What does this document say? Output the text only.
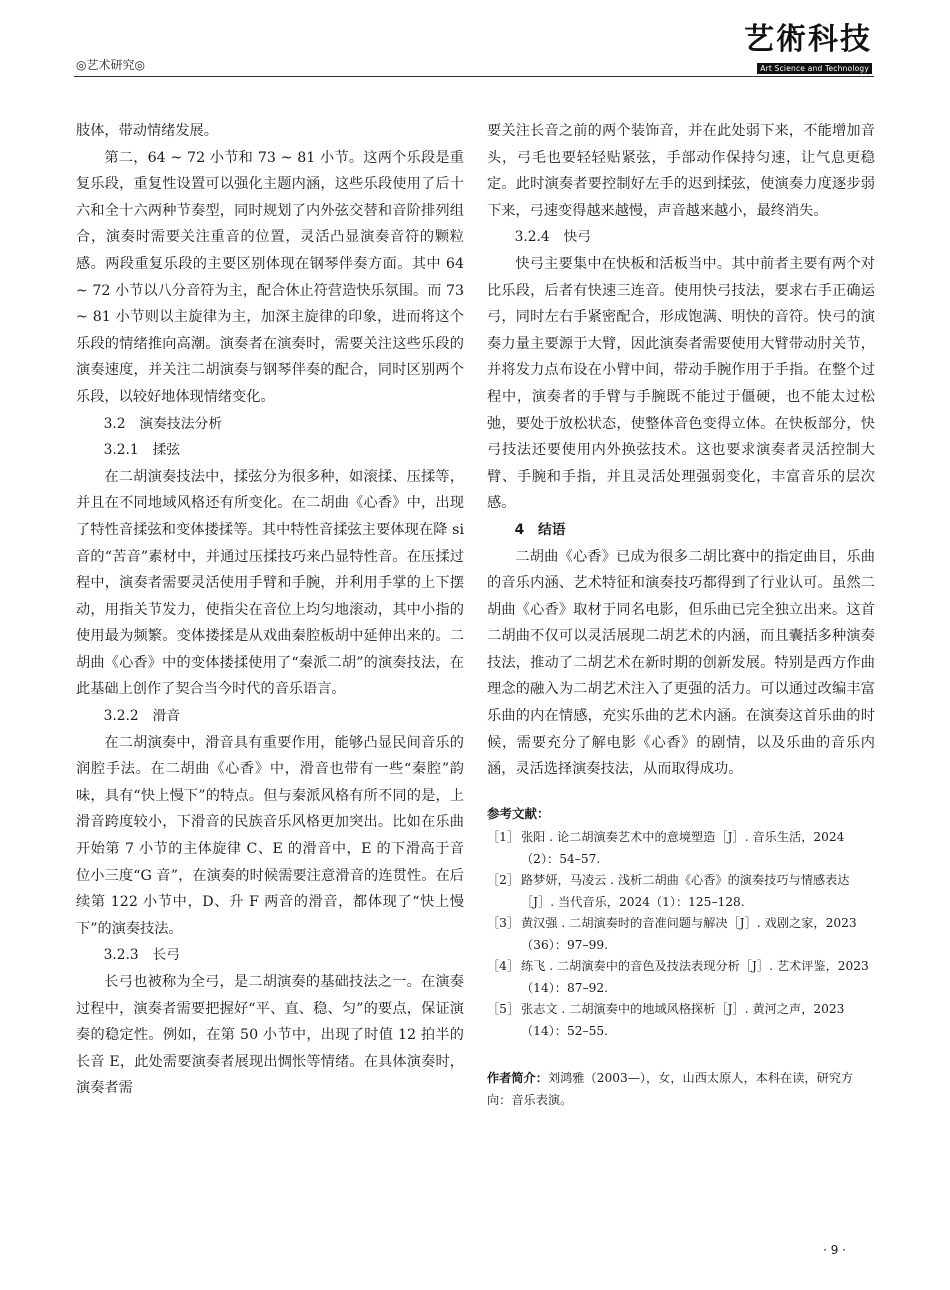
◎艺术研究◎
艺術科技
Art Science and Technology

肢体，带动情绪发展。

第二，64 ~ 72 小节和 73 ~ 81 小节。这两个乐段是重复乐段，重复性设置可以强化主题内涵，这些乐段使用了后十六和全十六两种节奏型，同时规划了内外弦交替和音阶排列组合，演奏时需要关注重音的位置，灵活凸显演奏音符的颗粒感。两段重复乐段的主要区别体现在钢琴伴奏方面。其中 64 ~ 72 小节以八分音符为主，配合休止符营造快乐氛围。而 73 ~ 81 小节则以主旋律为主，加深主旋律的印象，进而将这个乐段的情绪推向高潮。演奏者在演奏时，需要关注这些乐段的演奏速度，并关注二胡演奏与钢琴伴奏的配合，同时区别两个乐段，以较好地体现情绪变化。

3.2　演奏技法分析

3.2.1　揉弦

在二胡演奏技法中，揉弦分为很多种，如滚揉、压揉等，并且在不同地域风格还有所变化。在二胡曲《心香》中，出现了特性音揉弦和变体搂揉等。其中特性音揉弦主要体现在降 si 音的“苦音”素材中，并通过压揉技巧来凸显特性音。在压揉过程中，演奏者需要灵活使用手臂和手腕，并利用手掌的上下摆动，用指关节发力，使指尖在音位上均匀地滚动，其中小指的使用最为频繁。变体搂揉是从戏曲秦腔板胡中延伸出来的。二胡曲《心香》中的变体搂揉使用了“秦派二胡”的演奏技法，在此基础上创作了契合当今时代的音乐语言。

3.2.2　滑音

在二胡演奏中，滑音具有重要作用，能够凸显民间音乐的润腔手法。在二胡曲《心香》中，滑音也带有一些“秦腔”韵味，具有“快上慢下”的特点。但与秦派风格有所不同的是，上滑音跨度较小，下滑音的民族音乐风格更加突出。比如在乐曲开始第 7 小节的主体旋律 C、E 的滑音中，E 的下滑高于音位小三度“G 音”，在演奏的时候需要注意滑音的连贯性。在后续第 122 小节中，D、升 F 两音的滑音，都体现了“快上慢下”的演奏技法。

3.2.3　长弓

长弓也被称为全弓，是二胡演奏的基础技法之一。在演奏过程中，演奏者需要把握好“平、直、稳、匀”的要点，保证演奏的稳定性。例如，在第 50 小节中，出现了时值 12 拍半的长音 E，此处需要演奏者展现出惆怅等情绪。在具体演奏时，演奏者需

要关注长音之前的两个装饰音，并在此处弱下来，不能增加音头，弓毛也要轻轻贴紧弦，手部动作保持匀速，让气息更稳定。此时演奏者要控制好左手的迟到揉弦，使演奏力度逐步弱下来，弓速变得越来越慢，声音越来越小，最终消失。

3.2.4　快弓

快弓主要集中在快板和活板当中。其中前者主要有两个对比乐段，后者有快速三连音。使用快弓技法，要求右手正确运弓，同时左右手紧密配合，形成饱满、明快的音符。快弓的演奏力量主要源于大臂，因此演奏者需要使用大臂带动肘关节，并将发力点布设在小臂中间，带动手腕作用于手指。在整个过程中，演奏者的手臂与手腕既不能过于僵硬，也不能太过松弛，要处于放松状态，使整体音色变得立体。在快板部分，快弓技法还要使用内外换弦技术。这也要求演奏者灵活控制大臂、手腕和手指，并且灵活处理强弱变化，丰富音乐的层次感。

4　结语

二胡曲《心香》已成为很多二胡比赛中的指定曲目，乐曲的音乐内涵、艺术特征和演奏技巧都得到了行业认可。虽然二胡曲《心香》取材于同名电影，但乐曲已完全独立出来。这首二胡曲不仅可以灵活展现二胡艺术的内涵，而且囊括多种演奏技法，推动了二胡艺术在新时期的创新发展。特别是西方作曲理念的融入为二胡艺术注入了更强的活力。可以通过改编丰富乐曲的内在情感，充实乐曲的艺术内涵。在演奏这首乐曲的时候，需要充分了解电影《心香》的剧情，以及乐曲的音乐内涵，灵活选择演奏技法，从而取得成功。

参考文献：
［1］ 张阳 . 论二胡演奏艺术中的意境塑造［J］. 音乐生活，2024（2）：54–57.
［2］ 路梦妍，马凌云 . 浅析二胡曲《心香》的演奏技巧与情感表达［J］. 当代音乐，2024（1）：125–128.
［3］ 黄汉强 . 二胡演奏时的音准问题与解决［J］. 戏剧之家，2023（36）：97–99.
［4］ 练飞 . 二胡演奏中的音色及技法表现分析［J］. 艺术评鉴，2023（14）：87–92.
［5］ 张志文 . 二胡演奏中的地域风格探析［J］. 黄河之声，2023（14）：52–55.
作者简介：刘鸿雅（2003—），女，山西太原人，本科在读，研究方向：音乐表演。
· 9 ·
